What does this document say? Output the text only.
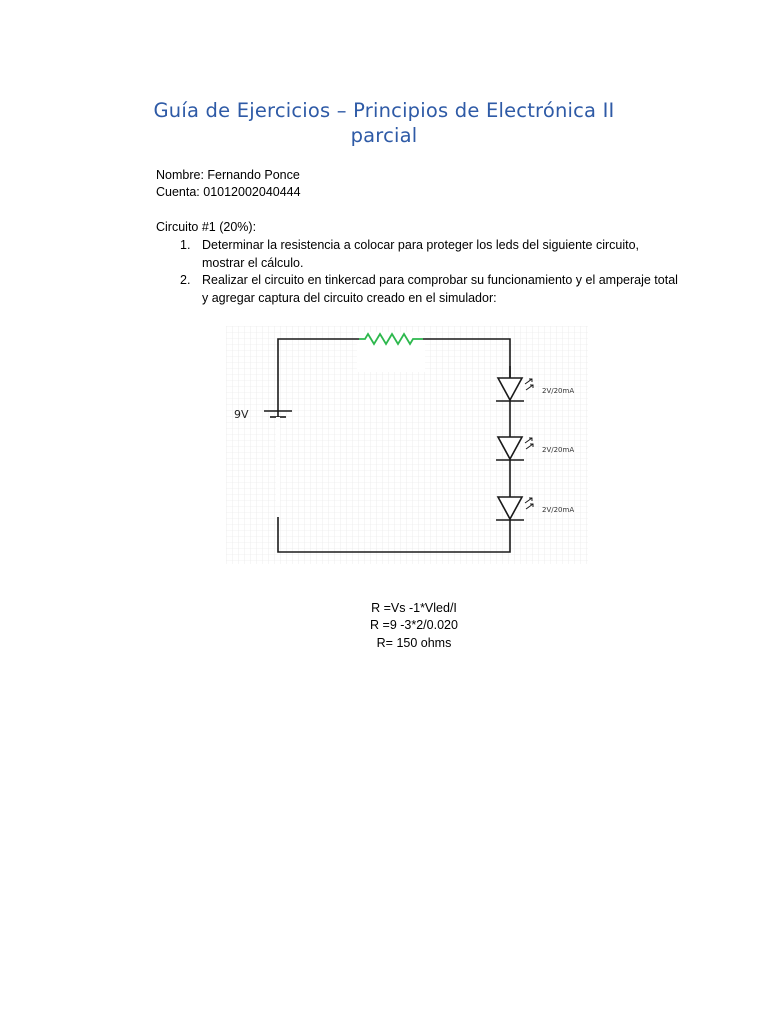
Guía de Ejercicios – Principios de Electrónica II parcial
Nombre: Fernando Ponce
Cuenta: 01012002040444
Circuito #1 (20%):
1. Determinar la resistencia a colocar para proteger los leds del siguiente circuito, mostrar el cálculo.
2. Realizar el circuito en tinkercad para comprobar su funcionamiento y el amperaje total y agregar captura del circuito creado en el simulador:
9V
2V/20mA
2V/20mA
2V/20mA
R =Vs -1*Vled/I
R =9 -3*2/0.020
R= 150 ohms
